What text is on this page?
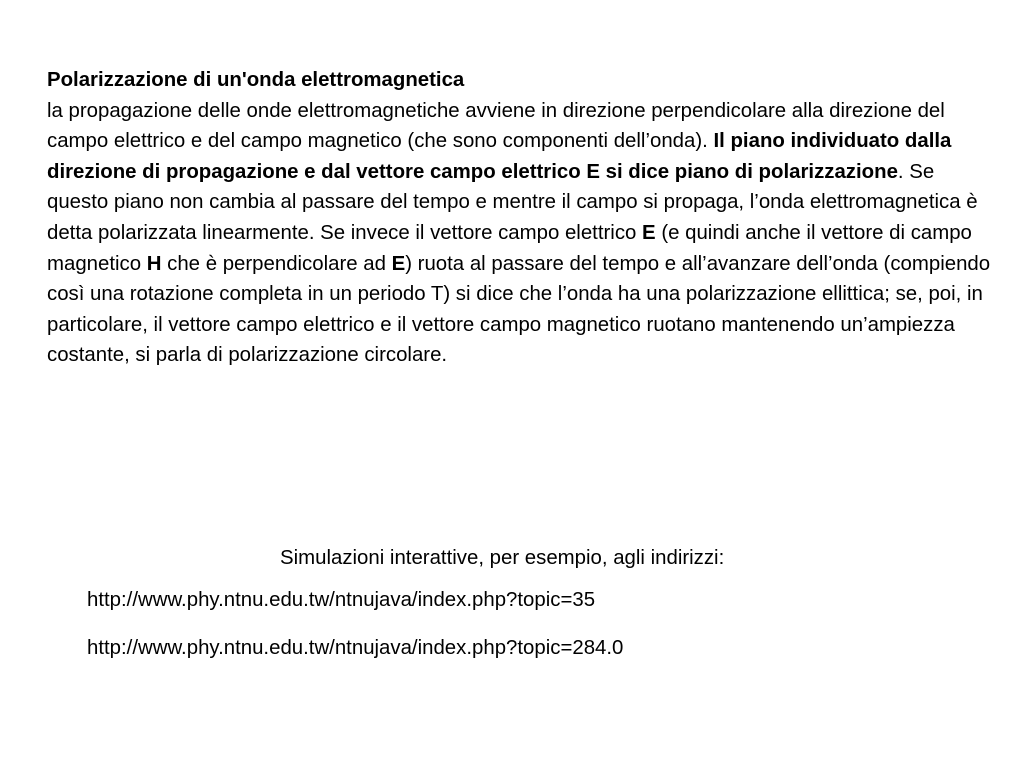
Polarizzazione di un'onda elettromagnetica

la propagazione delle onde elettromagnetiche avviene in direzione perpendicolare alla direzione del campo elettrico e del campo magnetico (che sono componenti dell’onda). Il piano individuato dalla direzione di propagazione e dal vettore campo elettrico E si dice piano di polarizzazione. Se questo piano non cambia al passare del tempo e mentre il campo si propaga, l’onda elettromagnetica è detta polarizzata linearmente. Se invece il vettore campo elettrico E (e quindi anche il vettore di campo magnetico H che è perpendicolare ad E) ruota al passare del tempo e all’avanzare dell’onda (compiendo così una rotazione completa in un periodo T) si dice che l’onda ha una polarizzazione ellittica; se, poi, in particolare, il vettore campo elettrico e il vettore campo magnetico ruotano mantenendo un’ampiezza costante, si parla di polarizzazione circolare.

Simulazioni interattive, per esempio, agli indirizzi:
http://www.phy.ntnu.edu.tw/ntnujava/index.php?topic=35
http://www.phy.ntnu.edu.tw/ntnujava/index.php?topic=284.0
